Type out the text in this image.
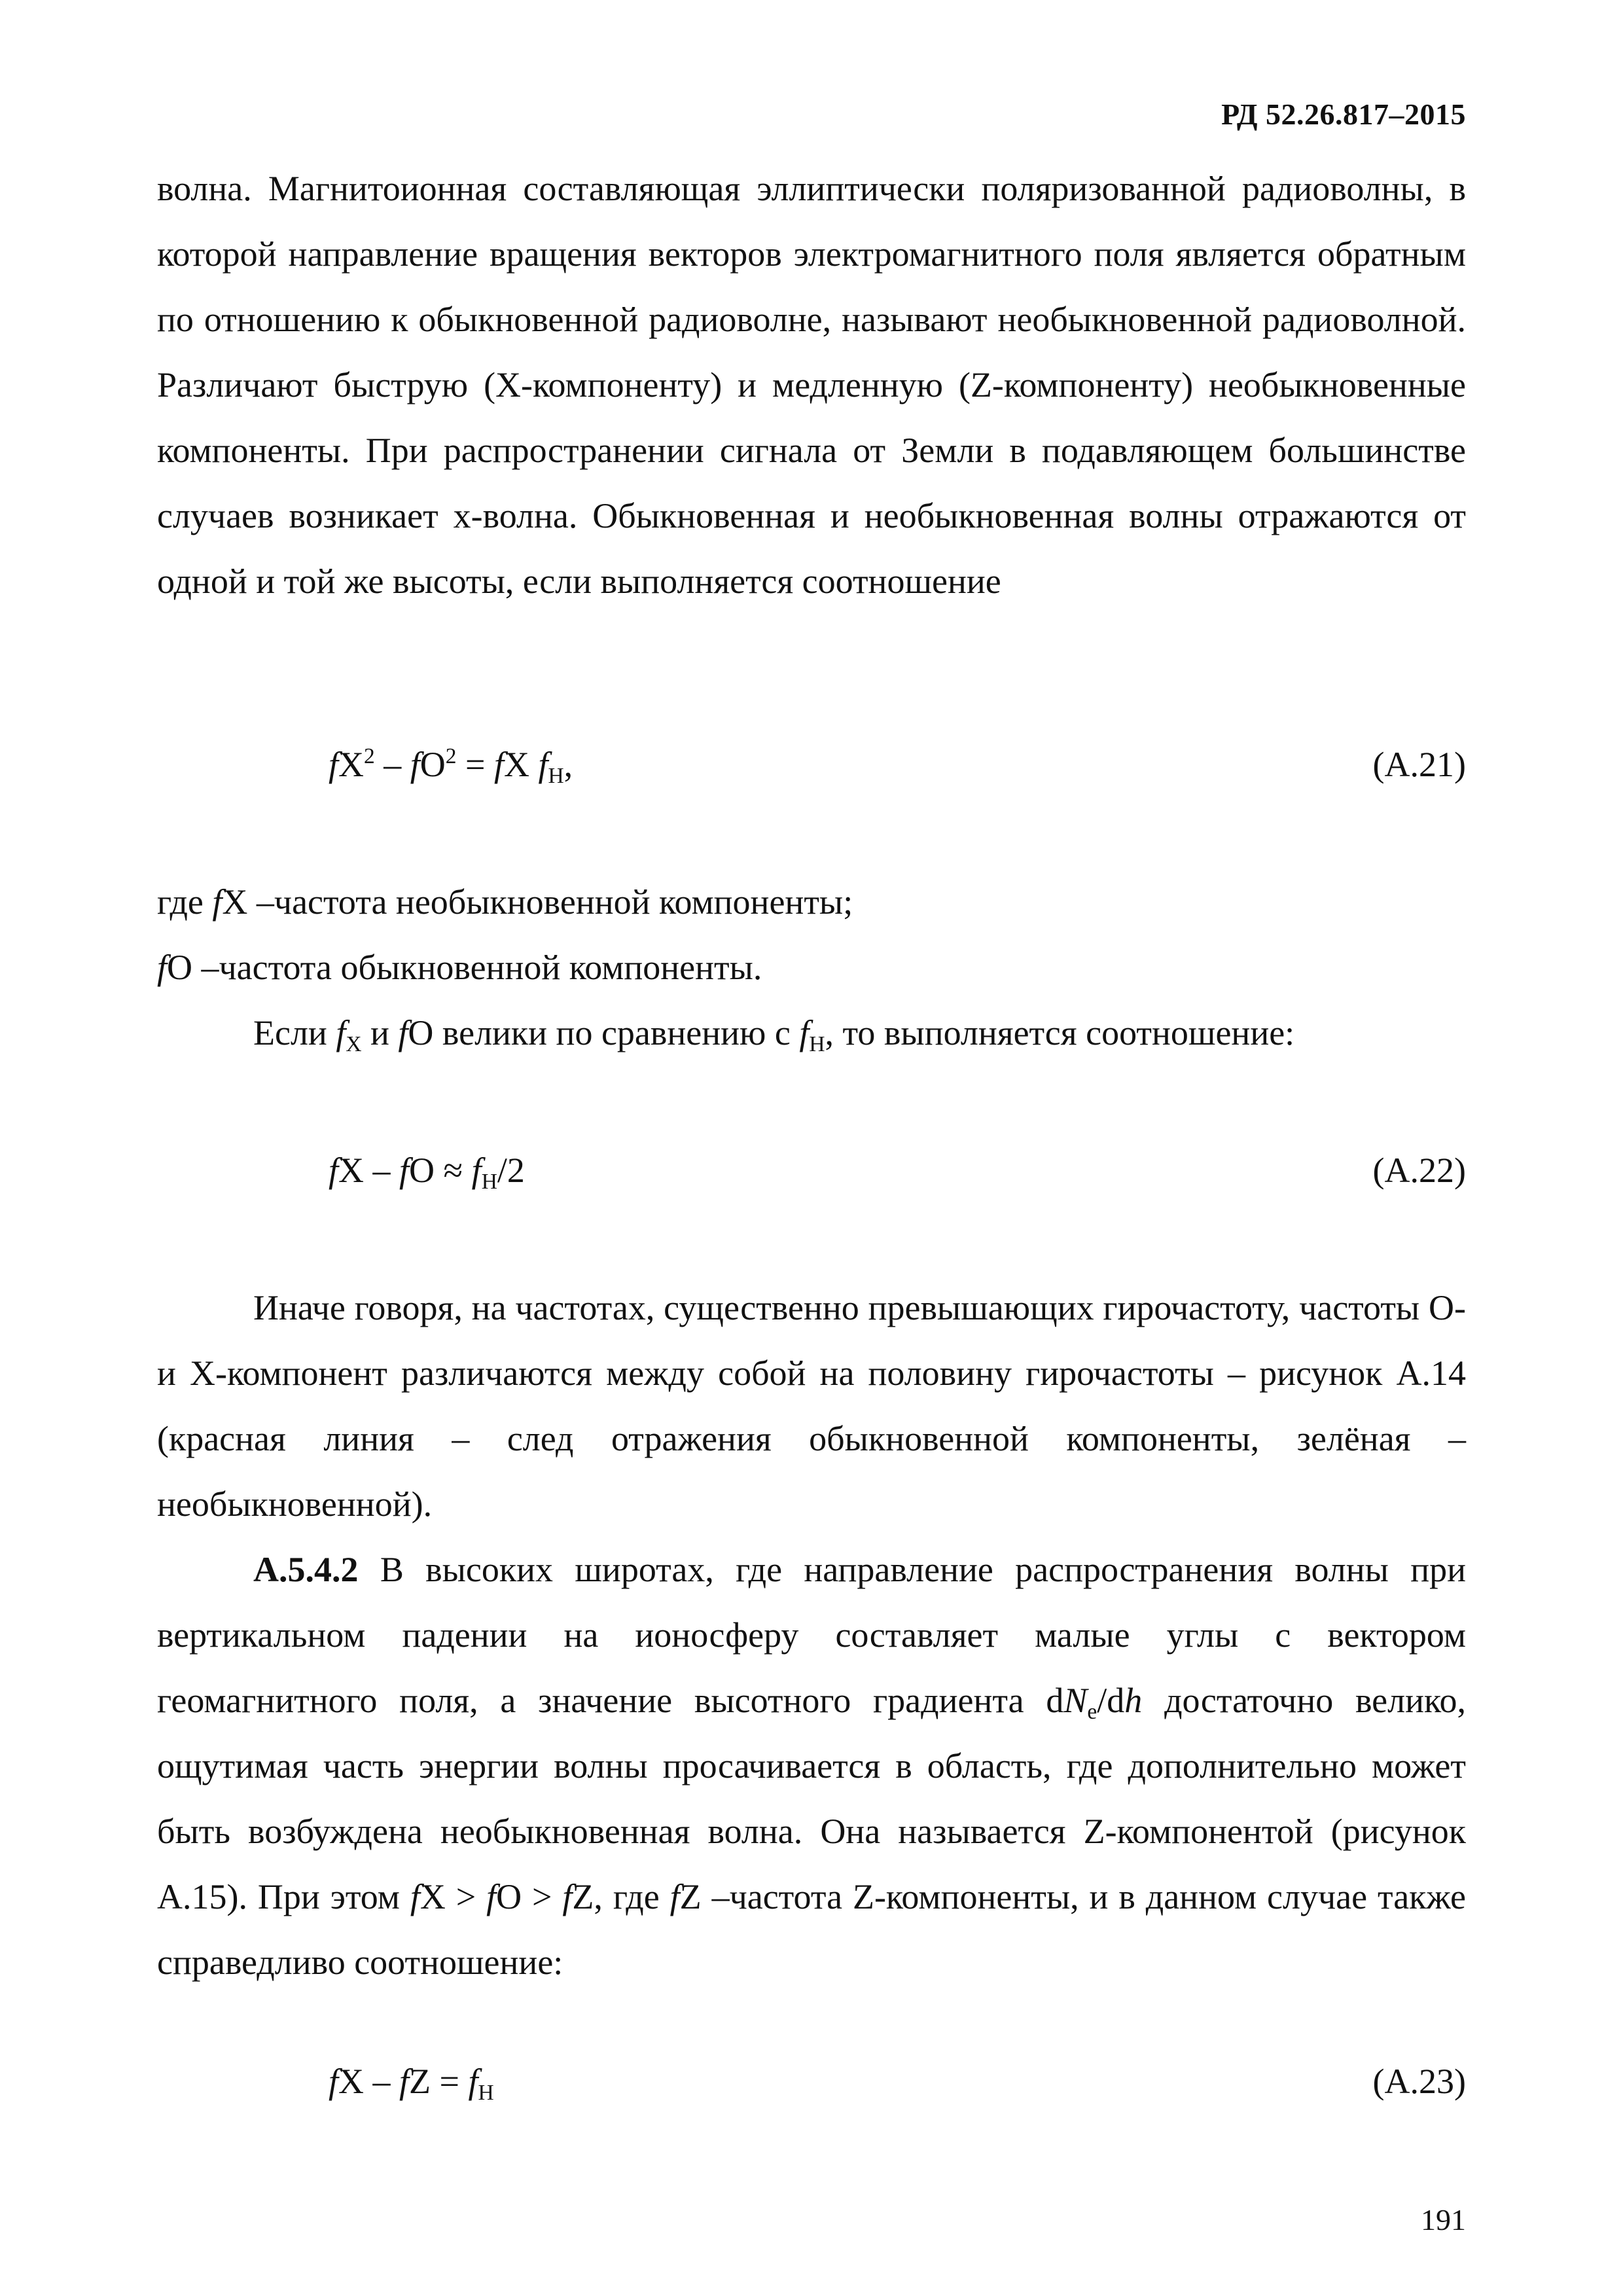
РД 52.26.817–2015

волна. Магнитоионная составляющая эллиптически поляризованной радиоволны, в которой направление вращения векторов электромагнитного поля является обратным по отношению к обыкновенной радиоволне, называют необыкновенной радиоволной. Различают быструю (Х-компоненту) и медленную (Z-компоненту) необыкновенные компоненты. При распространении сигнала от Земли в подавляющем большинстве случаев возникает x-волна. Обыкновенная и необыкновенная волны отражаются от одной и той же высоты, если выполняется соотношение

$fX^2 - fO^2$ = fX $f_H$,	(А.21)

где fX –частота необыкновенной компоненты;

fO –частота обыкновенной компоненты.

Если $f_X$ и fO велики по сравнению с $f_H$, то выполняется соотношение:

fX – fO ≈ $f_H/2$	(А.22)

Иначе говоря, на частотах, существенно превышающих гирочастоту, частоты О- и Х-компонент различаются между собой на половину гирочастоты – рисунок А.14 (красная линия – след отражения обыкновенной компоненты, зелёная – необыкновенной).

А.5.4.2 В высоких широтах, где направление распространения волны при вертикальном падении на ионосферу составляет малые углы с вектором геомагнитного поля, а значение высотного градиента $dN_e/dh$ достаточно велико, ощутимая часть энергии волны просачивается в область, где дополнительно может быть возбуждена необыкновенная волна. Она называется Z-компонентой (рисунок А.15). При этом fX > fO > fZ, где fZ –частота Z-компоненты, и в данном случае также справедливо соотношение:

fX – fZ = $f_H$	(А.23)
191
